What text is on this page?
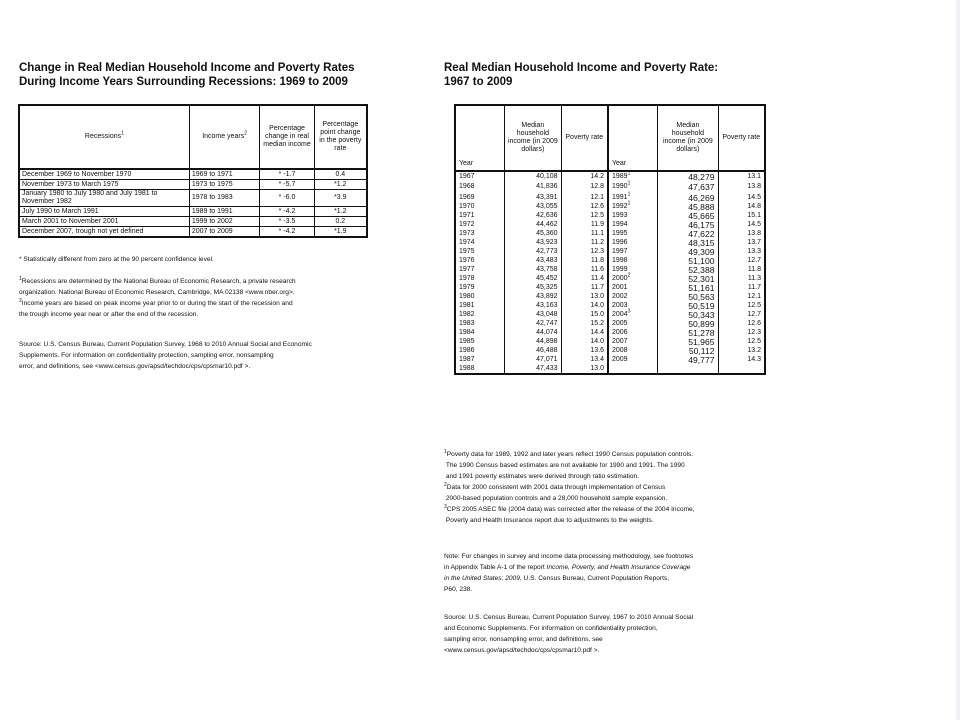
Change in Real Median Household Income and Poverty Rates
During Income Years Surrounding Recessions: 1969 to 2009
Recessions$^1$	Income years$^2$	Percentage change in real median income	Percentage point change in the poverty rate
December 1969 to November 1970	1969 to 1971	* -1.7	0.4
November 1973 to March 1975	1973 to 1975	* -5.7	*1.2
January 1980 to July 1980 and July 1981 to November 1982	1978 to 1983	* -6.0	*3.9
July 1990 to March 1991	1989 to 1991	* -4.2	*1.2
March 2001 to November 2001	1999 to 2002	* -3.5	0.2
December 2007, trough not yet defined	2007 to 2009	* -4.2	*1.9
* Statistically different from zero at the 90 percent confidence level.

$^1$Recessions are determined by the National Bureau of Economic Research, a private research

organization. National Bureau of Economic Research, Cambridge, MA 02138 <www.nber.org>.

$^2$Income years are based on peak income year prior to or during the start of the recession and

the trough income year near or after the end of the recession.

Source: U.S. Census Bureau, Current Population Survey, 1968 to 2010 Annual Social and Economic

Supplements. For information on confidentiality protection, sampling error, nonsampling

error, and definitions, see <www.census.gov/apsd/techdoc/cps/cpsmar10.pdf >.

Real Median Household Income and Poverty Rate:
1967 to 2009
Year	Median household income (in 2009 dollars)	Poverty rate	Year	Median household income (in 2009 dollars)	Poverty rate
1967	40,108	14.2	1989$^1$	48,279	13.1
1968	41,836	12.8	1990$^1$	47,637	13.8
1969	43,391	12.1	1991$^1$	46,269	14.5
1970	43,055	12.6	1992$^1$	45,888	14.8
1971	42,636	12.5	1993	45,665	15.1
1972	44,462	11.9	1994	46,175	14.5
1973	45,360	11.1	1995	47,622	13.8
1974	43,923	11.2	1996	48,315	13.7
1975	42,773	12.3	1997	49,309	13.3
1976	43,483	11.8	1998	51,100	12.7
1977	43,758	11.6	1999	52,388	11.8
1978	45,452	11.4	2000$^2$	52,301	11.3
1979	45,325	11.7	2001	51,161	11.7
1980	43,892	13.0	2002	50,563	12.1
1981	43,163	14.0	2003	50,519	12.5
1982	43,048	15.0	2004$^3$	50,343	12.7
1983	42,747	15.2	2005	50,899	12.6
1984	44,074	14.4	2006	51,278	12.3
1985	44,898	14.0	2007	51,965	12.5
1986	46,488	13.6	2008	50,112	13.2
1987	47,071	13.4	2009	49,777	14.3
1988	47,433	13.0			

$^1$Poverty data for 1989, 1992 and later years reflect 1990 Census population controls.

The 1990 Census based estimates are not available for 1990 and 1991. The 1990

and 1991 poverty estimates were derived through ratio estimation.

$^2$Data for 2000 consistent with 2001 data through implementation of Census

2000-based population controls and a 28,000 household sample expansion.

$^3$CPS 2005 ASEC file (2004 data) was corrected after the release of the 2004 Income,

Poverty and Health Insurance report due to adjustments to the weights.

Note: For changes in survey and income data processing methodology, see footnotes

in Appendix Table A-1 of the report Income, Poverty, and Health Insurance Coverage

in the United States: 2009, U.S. Census Bureau, Current Population Reports,

P60, 238.

Source: U.S. Census Bureau, Current Population Survey, 1967 to 2010 Annual Social

and Economic Supplements. For information on confidentiality protection,

sampling error, nonsampling error, and definitions, see

<www.census.gov/apsd/techdoc/cps/cpsmar10.pdf >.
